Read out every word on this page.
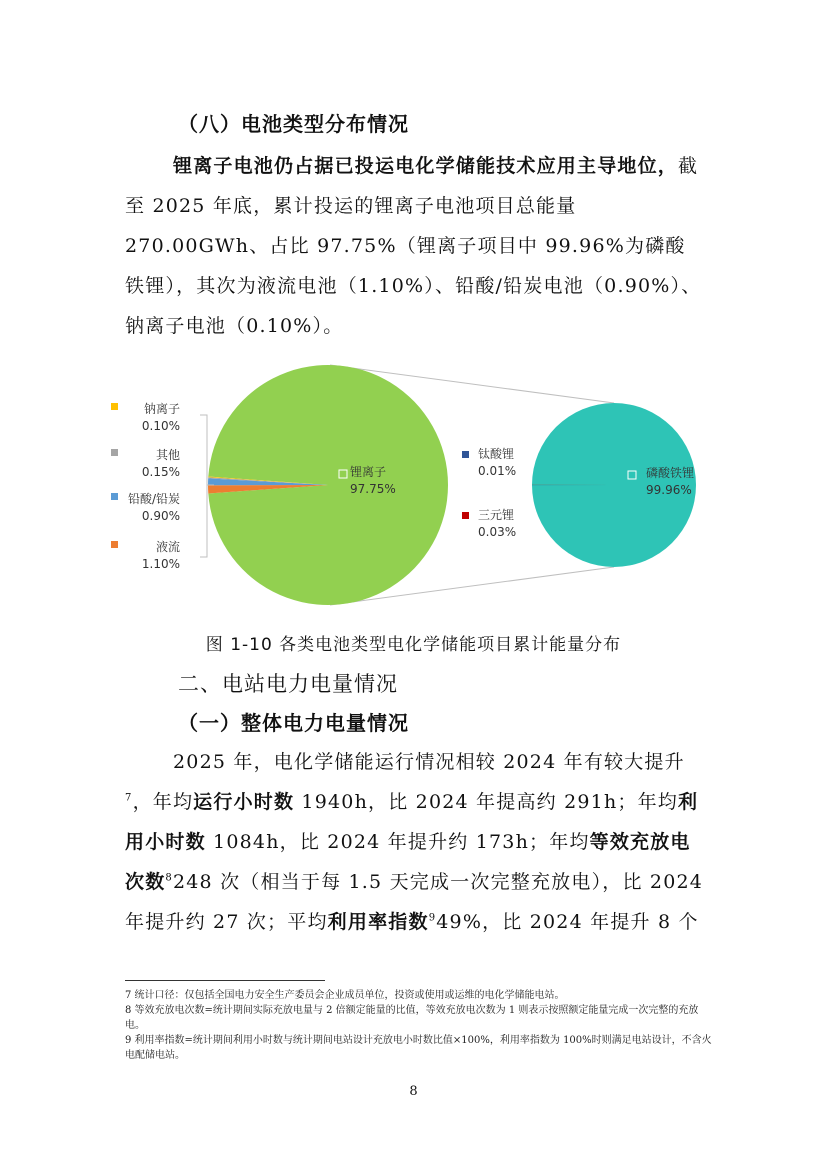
（八）电池类型分布情况
锂离子电池仍占据已投运电化学储能技术应用主导地位，截至 2025 年底，累计投运的锂离子电池项目总能量 270.00GWh、占比 97.75%（锂离子项目中 99.96%为磷酸铁锂），其次为液流电池（1.10%）、铅酸/铅炭电池（0.90%）、钠离子电池（0.10%）。
钠离子
0.10%
其他
0.15%
铅酸/铅炭
0.90%
液流
1.10%
锂离子
97.75%
钛酸锂
0.01%
三元锂
0.03%
磷酸铁锂
99.96%
图 1-10 各类电池类型电化学储能项目累计能量分布
二、电站电力电量情况
（一）整体电力电量情况
2025 年，电化学储能运行情况相较 2024 年有较大提升$^7$，年均运行小时数 1940h，比 2024 年提高约 291h；年均利用小时数 1084h，比 2024 年提升约 173h；年均等效充放电次数$^8$248 次（相当于每 1.5 天完成一次完整充放电），比 2024 年提升约 27 次；平均利用率指数$^9$49%，比 2024 年提升 8 个
7 统计口径：仅包括全国电力安全生产委员会企业成员单位，投资或使用或运维的电化学储能电站。
8 等效充放电次数=统计期间实际充放电量与 2 倍额定能量的比值，等效充放电次数为 1 则表示按照额定能量完成一次完整的充放电。
9 利用率指数=统计期间利用小时数与统计期间电站设计充放电小时数比值×100%，利用率指数为 100%时则满足电站设计，不含火电配储电站。
8
